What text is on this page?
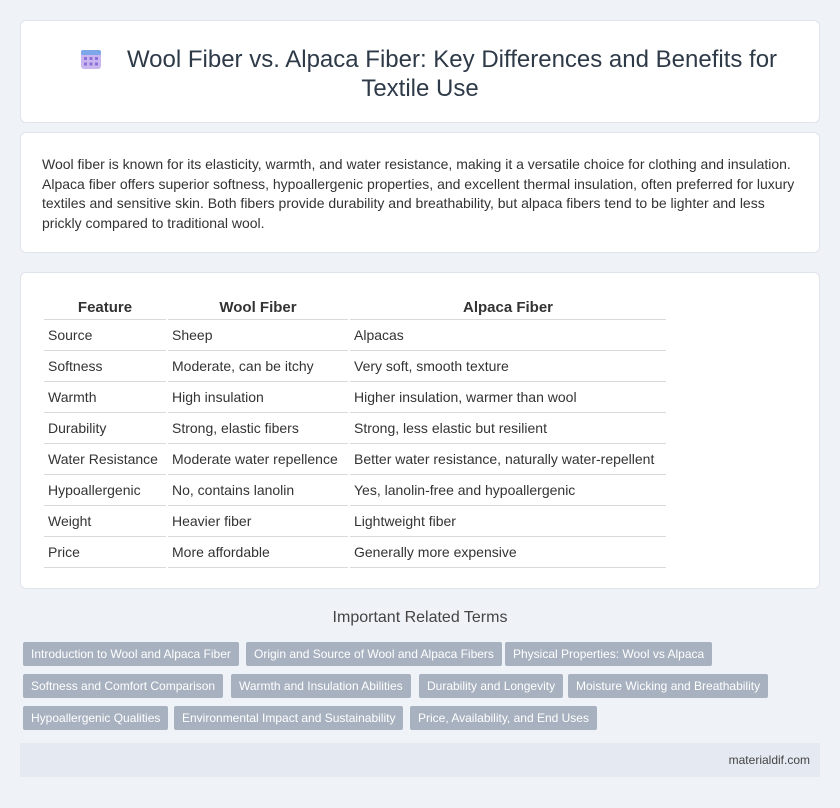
Wool Fiber vs. Alpaca Fiber: Key Differences and Benefits for
Textile Use

Wool fiber is known for its elasticity, warmth, and water resistance, making it a versatile choice for clothing and insulation. Alpaca fiber offers superior softness, hypoallergenic properties, and excellent thermal insulation, often preferred for luxury textiles and sensitive skin. Both fibers provide durability and breathability, but alpaca fibers tend to be lighter and less prickly compared to traditional wool.

Feature	Wool Fiber	Alpaca Fiber
Source	Sheep	Alpacas
Softness	Moderate, can be itchy	Very soft, smooth texture
Warmth	High insulation	Higher insulation, warmer than wool
Durability	Strong, elastic fibers	Strong, less elastic but resilient
Water Resistance	Moderate water repellence	Better water resistance, naturally water-repellent
Hypoallergenic	No, contains lanolin	Yes, lanolin-free and hypoallergenic
Weight	Heavier fiber	Lightweight fiber
Price	More affordable	Generally more expensive
Important Related Terms
Introduction to Wool and Alpaca Fiber	Origin and Source of Wool and Alpaca Fibers	Physical Properties: Wool vs Alpaca
Softness and Comfort Comparison	Warmth and Insulation Abilities	Durability and Longevity	Moisture Wicking and Breathability
Hypoallergenic Qualities	Environmental Impact and Sustainability	Price, Availability, and End Uses
materialdif.com
